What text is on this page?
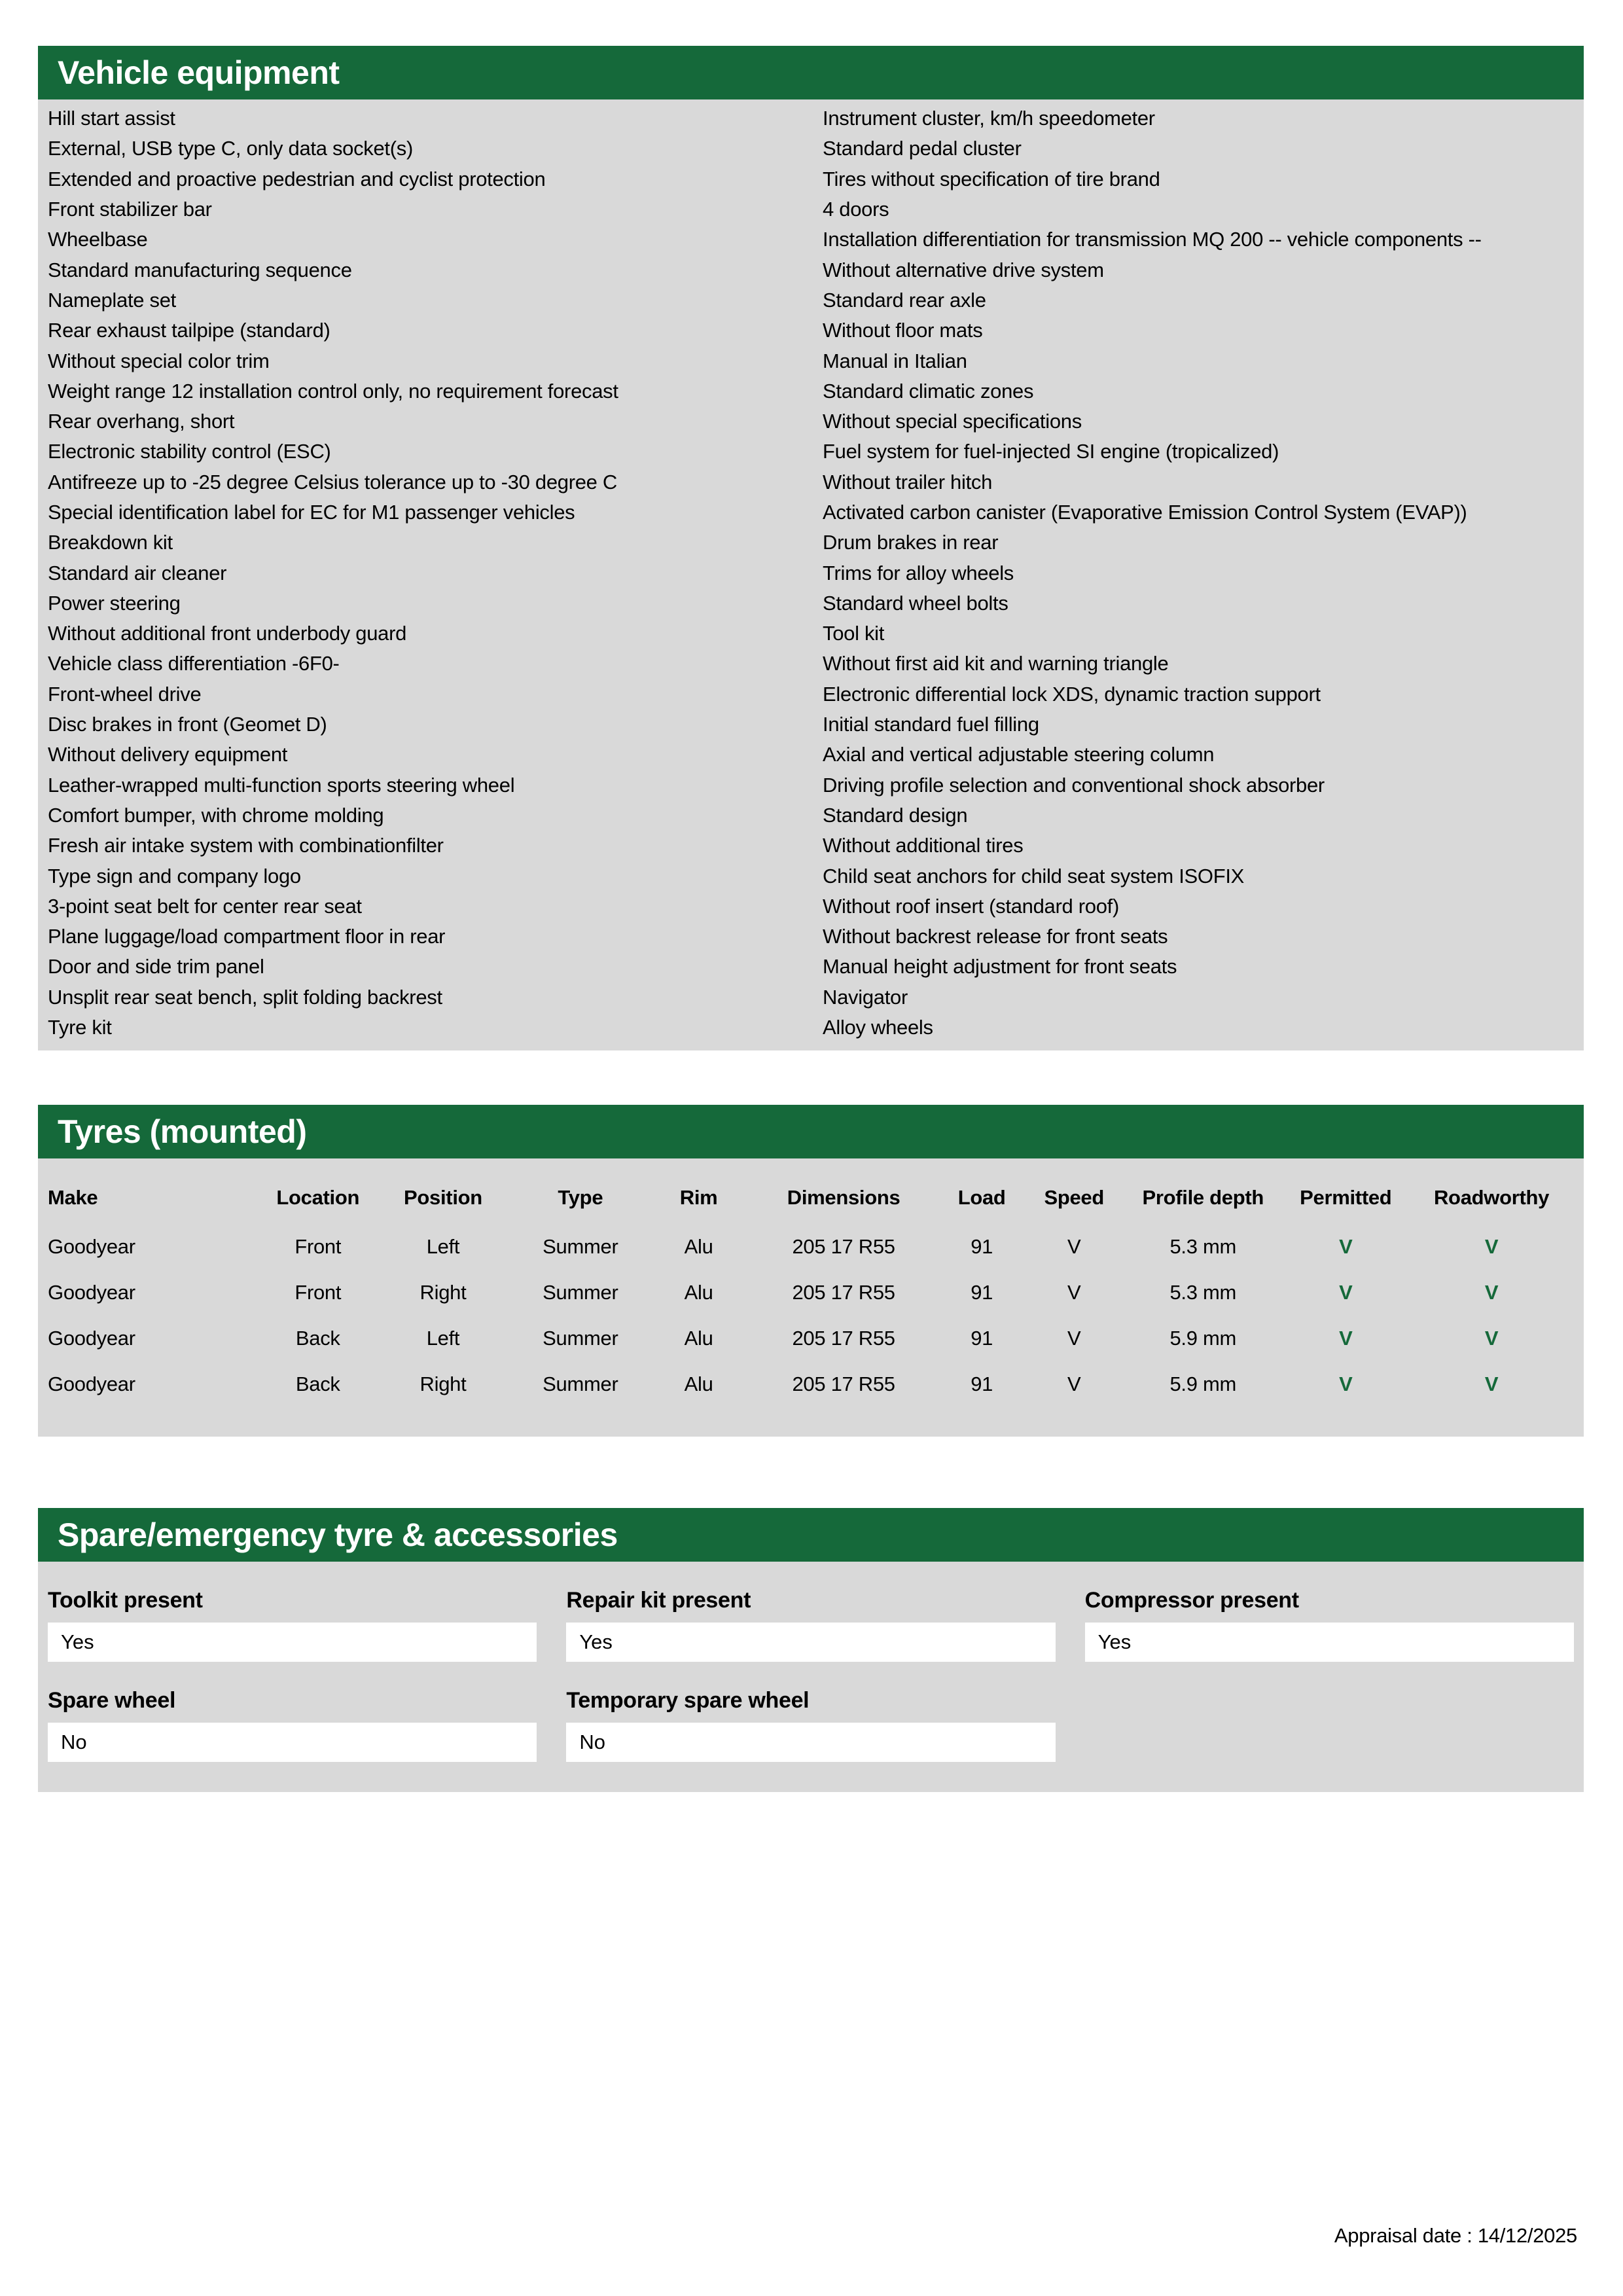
Vehicle equipment
Hill start assist
External, USB type C, only data socket(s)
Extended and proactive pedestrian and cyclist protection
Front stabilizer bar
Wheelbase
Standard manufacturing sequence
Nameplate set
Rear exhaust tailpipe (standard)
Without special color trim
Weight range 12 installation control only, no requirement forecast
Rear overhang, short
Electronic stability control (ESC)
Antifreeze up to -25 degree Celsius tolerance up to -30 degree C
Special identification label for EC for M1 passenger vehicles
Breakdown kit
Standard air cleaner
Power steering
Without additional front underbody guard
Vehicle class differentiation -6F0-
Front-wheel drive
Disc brakes in front (Geomet D)
Without delivery equipment
Leather-wrapped multi-function sports steering wheel
Comfort bumper, with chrome molding
Fresh air intake system with combinationfilter
Type sign and company logo
3-point seat belt for center rear seat
Plane luggage/load compartment floor in rear
Door and side trim panel
Unsplit rear seat bench, split folding backrest
Tyre kit
Instrument cluster, km/h speedometer
Standard pedal cluster
Tires without specification of tire brand
4 doors
Installation differentiation for transmission MQ 200 -- vehicle components --
Without alternative drive system
Standard rear axle
Without floor mats
Manual in Italian
Standard climatic zones
Without special specifications
Fuel system for fuel-injected SI engine (tropicalized)
Without trailer hitch
Activated carbon canister (Evaporative Emission Control System (EVAP))
Drum brakes in rear
Trims for alloy wheels
Standard wheel bolts
Tool kit
Without first aid kit and warning triangle
Electronic differential lock XDS, dynamic traction support
Initial standard fuel filling
Axial and vertical adjustable steering column
Driving profile selection and conventional shock absorber
Standard design
Without additional tires
Child seat anchors for child seat system ISOFIX
Without roof insert (standard roof)
Without backrest release for front seats
Manual height adjustment for front seats
Navigator
Alloy wheels
Tyres (mounted)
Make	Location	Position	Type	Rim	Dimensions	Load	Speed	Profile depth	Permitted	Roadworthy
Goodyear	Front	Left	Summer	Alu	205 17 R55	91	V	5.3 mm	V	V
Goodyear	Front	Right	Summer	Alu	205 17 R55	91	V	5.3 mm	V	V
Goodyear	Back	Left	Summer	Alu	205 17 R55	91	V	5.9 mm	V	V
Goodyear	Back	Right	Summer	Alu	205 17 R55	91	V	5.9 mm	V	V
Spare/emergency tyre & accessories
Toolkit present
Yes
Repair kit present
Yes
Compressor present
Yes
Spare wheel
No
Temporary spare wheel
No
Appraisal date : 14/12/2025
